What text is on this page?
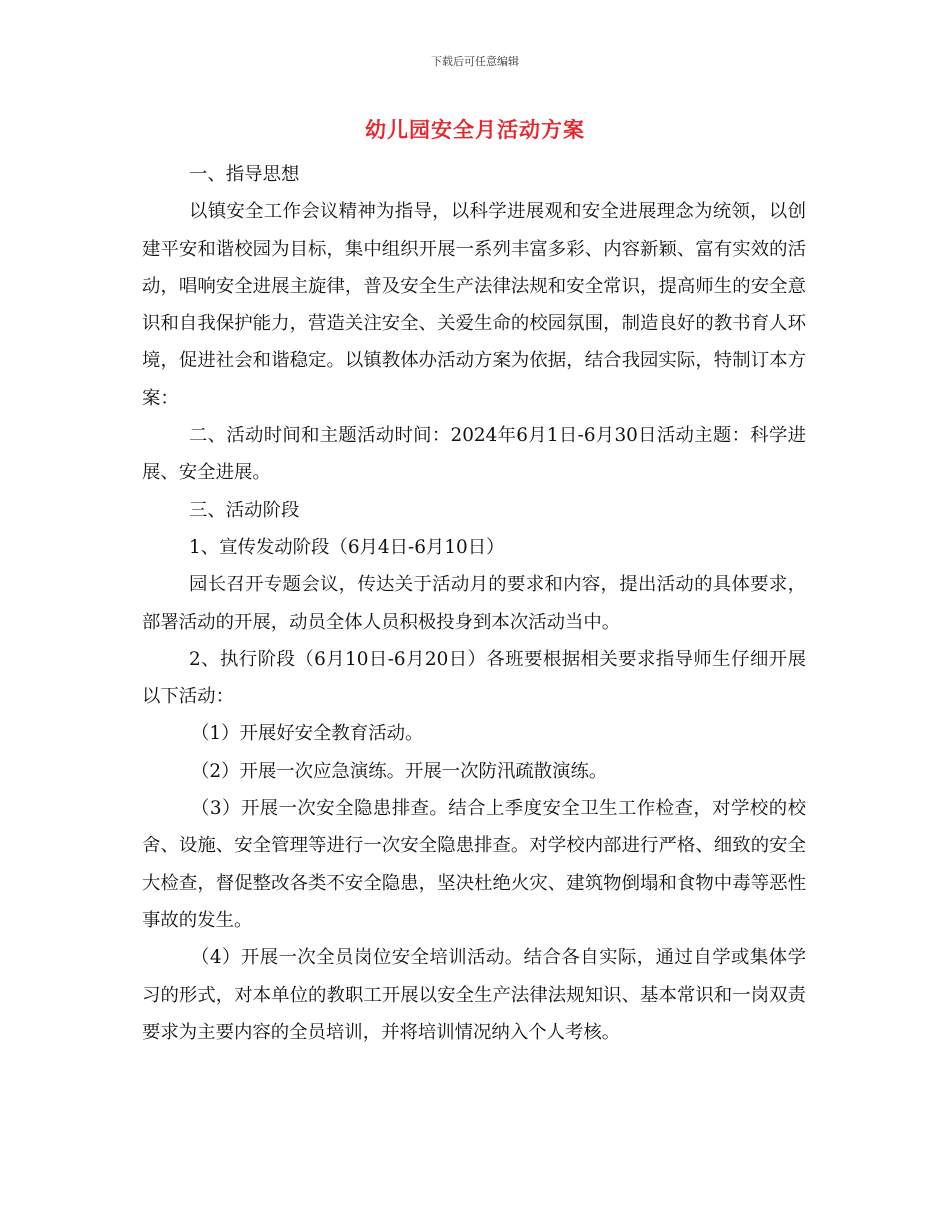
下载后可任意编辑
幼儿园安全月活动方案

一、指导思想

以镇安全工作会议精神为指导，以科学进展观和安全进展理念为统领，以创建平安和谐校园为目标，集中组织开展一系列丰富多彩、内容新颖、富有实效的活动，唱响安全进展主旋律，普及安全生产法律法规和安全常识，提高师生的安全意识和自我保护能力，营造关注安全、关爱生命的校园氛围，制造良好的教书育人环境，促进社会和谐稳定。以镇教体办活动方案为依据，结合我园实际，特制订本方案：

二、活动时间和主题活动时间：2024年6月1日-6月30日活动主题：科学进展、安全进展。

三、活动阶段

1、宣传发动阶段（6月4日-6月10日）

园长召开专题会议，传达关于活动月的要求和内容，提出活动的具体要求，部署活动的开展，动员全体人员积极投身到本次活动当中。

2、执行阶段（6月10日-6月20日）各班要根据相关要求指导师生仔细开展以下活动：

（1）开展好安全教育活动。

（2）开展一次应急演练。开展一次防汛疏散演练。

（3）开展一次安全隐患排查。结合上季度安全卫生工作检查，对学校的校舍、设施、安全管理等进行一次安全隐患排查。对学校内部进行严格、细致的安全大检查，督促整改各类不安全隐患，坚决杜绝火灾、建筑物倒塌和食物中毒等恶性事故的发生。

（4）开展一次全员岗位安全培训活动。结合各自实际，通过自学或集体学习的形式，对本单位的教职工开展以安全生产法律法规知识、基本常识和一岗双责要求为主要内容的全员培训，并将培训情况纳入个人考核。
